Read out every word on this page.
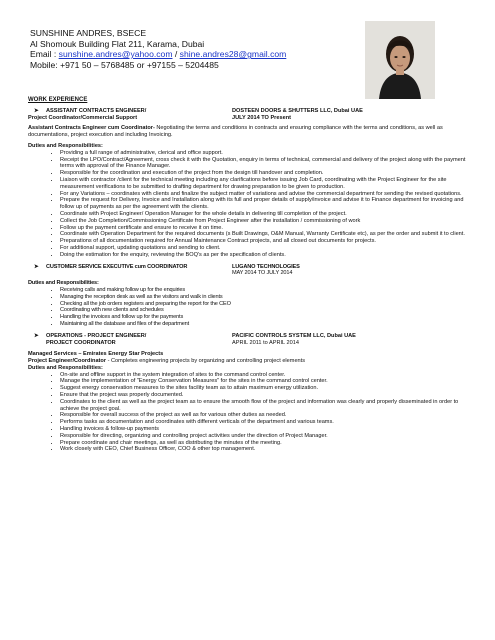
SUNSHINE ANDRES, BSECE
Al Shomouk Building Flat 211, Karama, Dubai
Email : sunshine.andres@yahoo.com / shine.andres28@gmail.com
Mobile: +971 50 – 5768485 or +97155 – 5204485
WORK EXPERIENCE
➤ ASSISTANT CONTRACTS ENGINEER/
Project Coordinator/Commercial Support
DOSTEEN DOORS & SHUTTERS LLC, Dubai UAE
JULY 2014 TO Present
Assistant Contracts Engineer cum Coordinator- Negotiating the terms and conditions in contracts and ensuring compliance with the terms and conditions, as well as documentations, project execution and including Invoicing.
Duties and Responsibilities:
• Providing a full range of administrative, clerical and office support.
• Receipt the LPO/Contract/Agreement, cross check it with the Quotation, enquiry in terms of technical, commercial and delivery of the project along with the payment terms with approval of the Finance Manager.
• Responsible for the coordination and execution of the project from the design till handover and completion.
• Liaison with contractor /client for the technical meeting including any clarifications before issuing Job Card, coordinating with the Project Engineer for the site measurement verifications to be submitted to drafting department for drawing preparation to be given to production.
• For any Variations – coordinates with clients and finalize the subject matter of variations and advise the commercial department for sending the revised quotations.
• Prepare the request for Delivery, Invoice and Installation along with its full and proper details of supply/invoice and advise it to Finance department for invoicing and follow up of payments as per the agreement with the clients.
• Coordinate with Project Engineer/ Operation Manager for the whole details in delivering till completion of the project.
• Collect the Job Completion/Commissioning Certificate from Project Engineer after the installation / commissioning of work
• Follow up the payment certificate and ensure to receive it on time.
• Coordinate with Operation Department for the required documents (s Built Drawings, O&M Manual, Warranty Certificate etc), as per the order and submit it to client.
• Preparations of all documentation required for Annual Maintenance Contract projects, and all closed out documents for projects.
• For additional support, updating quotations and sending to client.
• Doing the estimation for the enquiry, reviewing the BOQ's as per the specification of clients.
➤ CUSTOMER SERVICE EXECUTIVE cum COORDINATOR	LUGANO TECHNOLOGIES
MAY 2014 TO JULY 2014
Duties and Responsibilities:
• Receiving calls and making follow up for the enquiries
• Managing the reception desk as well as the visitors and walk in clients
• Checking all the job orders registers and preparing the report for the CEO
• Coordinating with new clients and schedules
• Handling the invoices and follow up for the payments
• Maintaining all the database and files of the department
➤ OPERATIONS - PROJECT ENGINEER/
PROJECT COORDINATOR
PACIFIC CONTROLS SYSTEM LLC, Dubai UAE
APRIL 2011 to APRIL 2014
Managed Services – Emirates Energy Star Projects
Project Engineer/Coordinator - Completes engineering projects by organizing and controlling project elements
Duties and Responsibilities:
• On-site and offline support in the system integration of sites to the command control center.
• Manage the implementation of "Energy Conservation Measures" for the sites in the command control center.
• Suggest energy conservation measures to the sites facility team as to attain maximum energy utilization.
• Ensure that the project was properly documented.
• Coordinates to the client as well as the project team as to ensure the smooth flow of the project and information was clearly and properly disseminated in order to achieve the project goal.
• Responsible for overall success of the project as well as for various other duties as needed.
• Performs tasks as documentation and coordinates with different verticals of the department and various teams.
• Handling invoices & follow-up payments
• Responsible for directing, organizing and controlling project activities under the direction of Project Manager.
• Prepare coordinate and chair meetings, as well as distributing the minutes of the meeting.
• Work closely with CEO, Chief Business Officer, COO & other top management.
